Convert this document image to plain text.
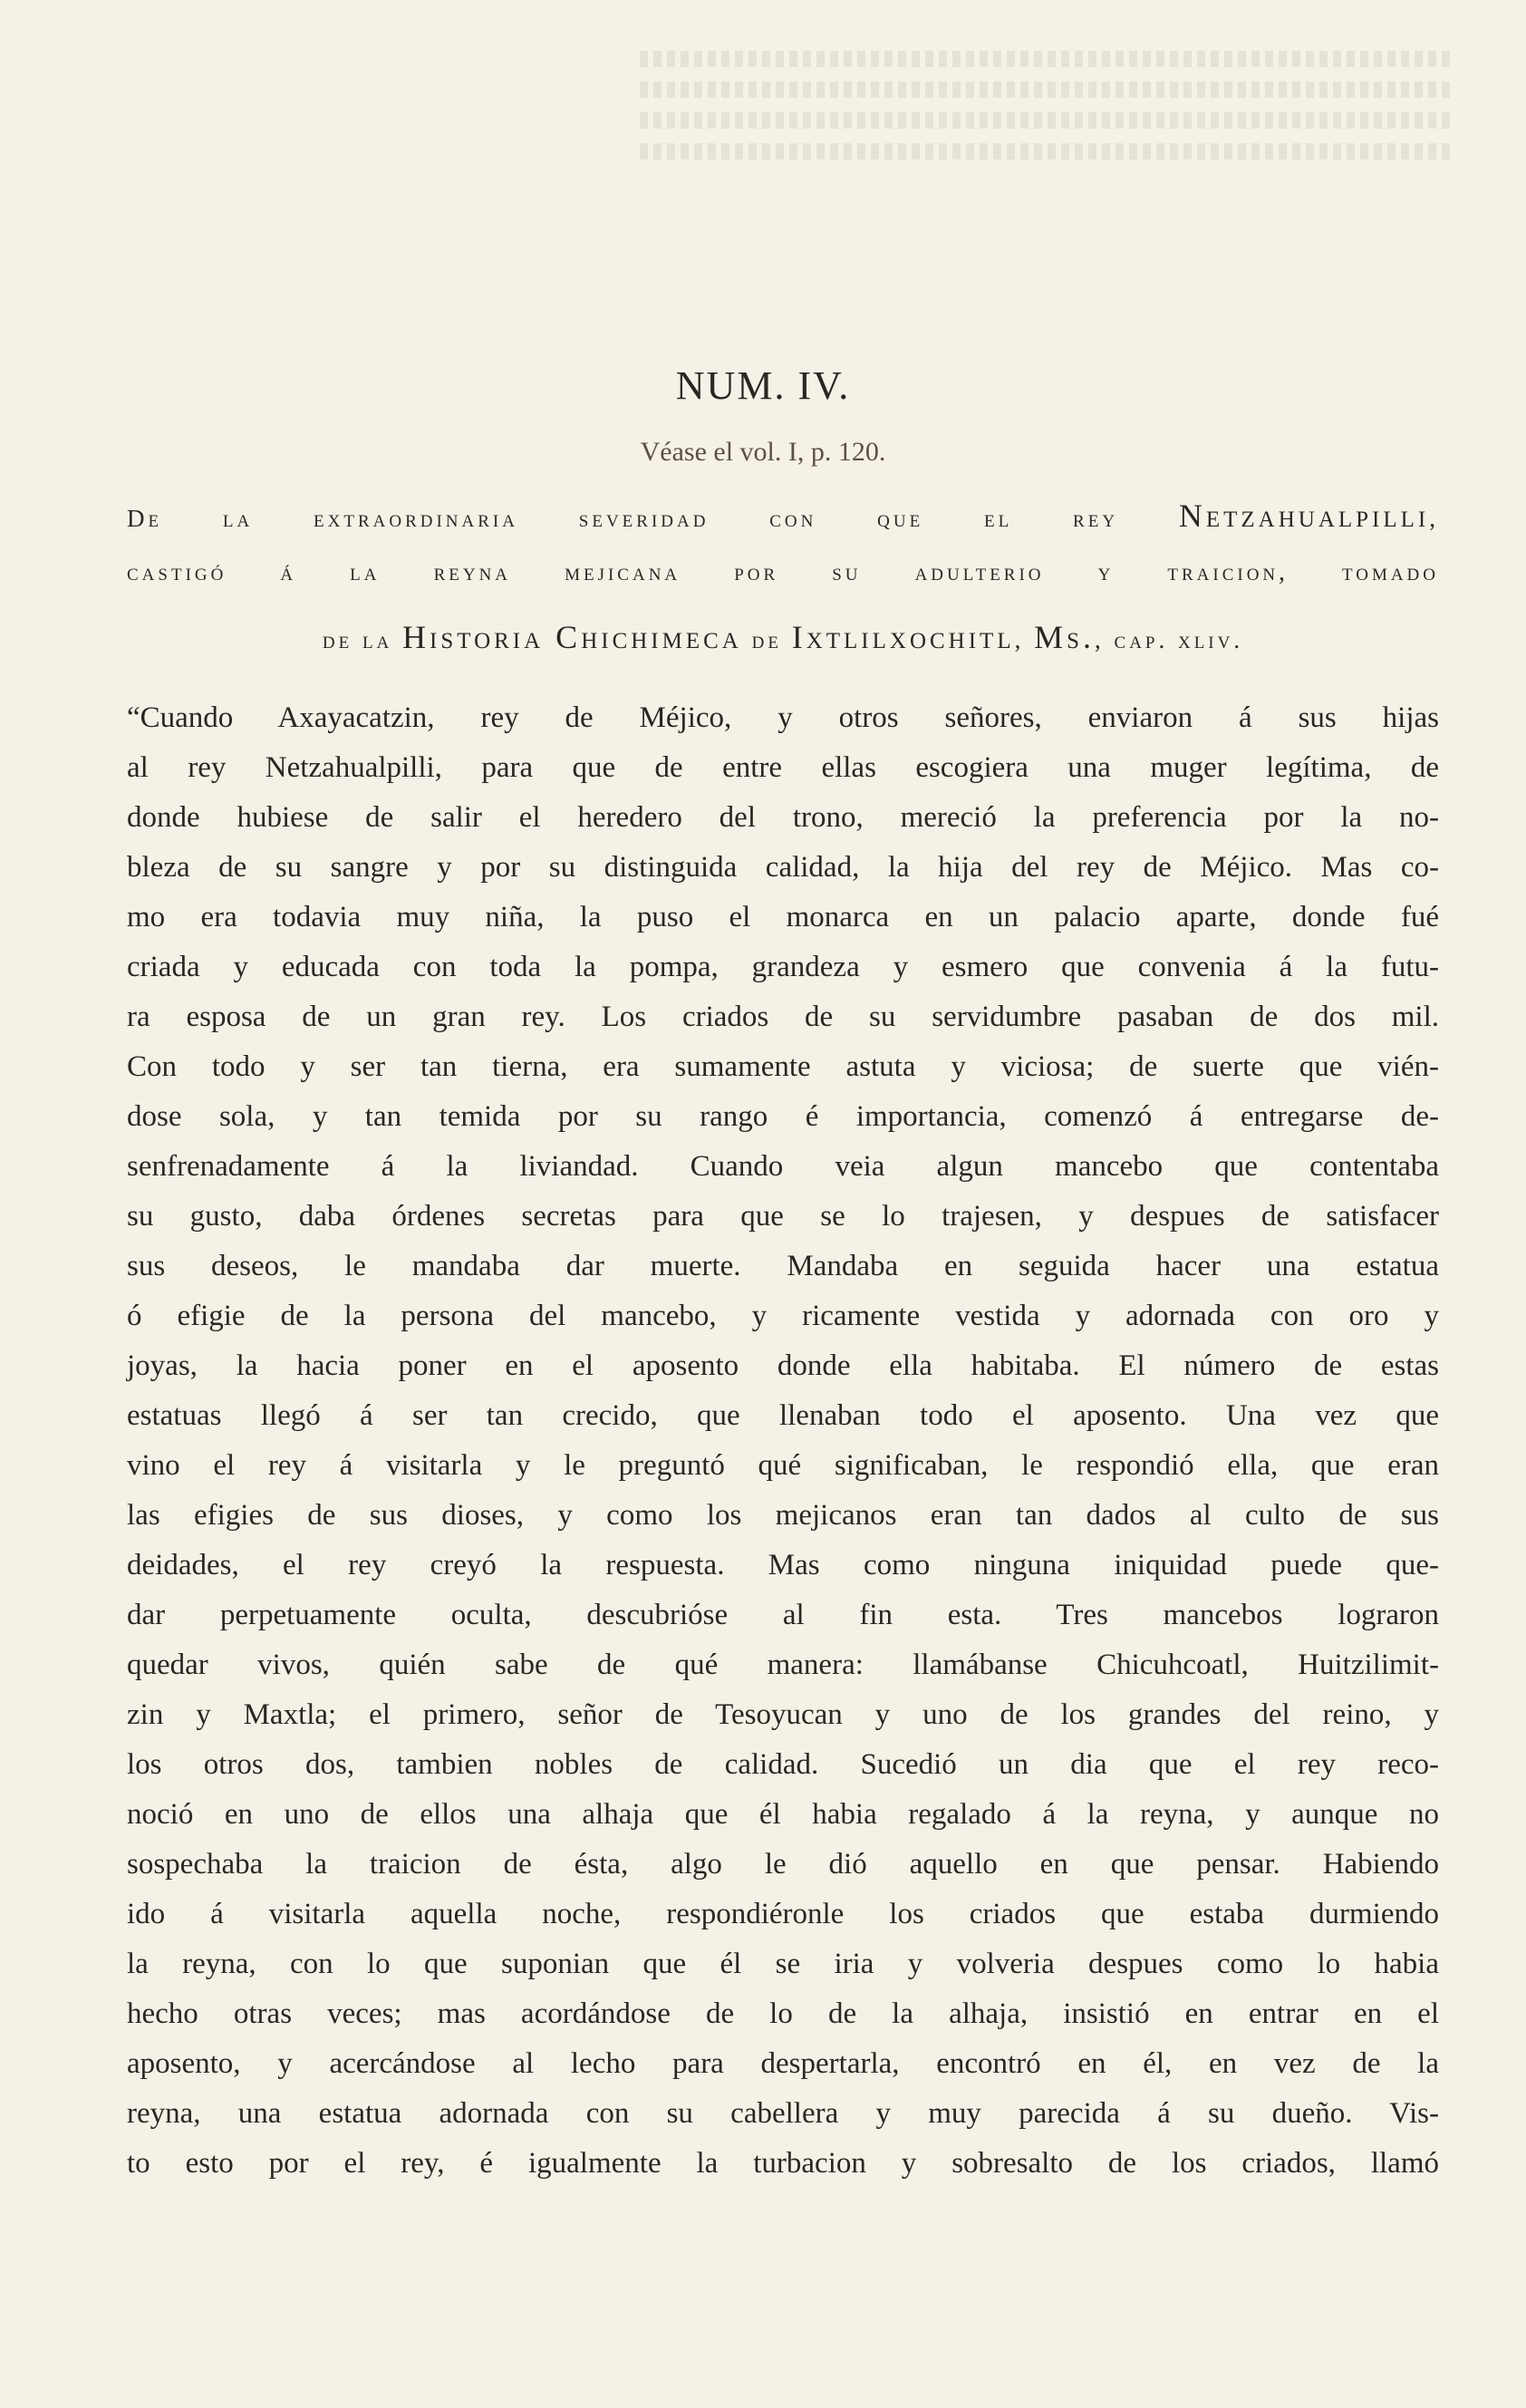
NUM. IV.
Véase el vol. I, p. 120.
De la extraordinaria severidad con que el rey Netzahualpilli,
castigó á la reyna mejicana por su adulterio y traicion, tomado
de la Historia Chichimeca de Ixtlilxochitl, Ms., cap. xliv.
“Cuando Axayacatzin, rey de Méjico, y otros señores, enviaron á sus hijas
al rey Netzahualpilli, para que de entre ellas escogiera una muger legítima, de
donde hubiese de salir el heredero del trono, mereció la preferencia por la no-
bleza de su sangre y por su distinguida calidad, la hija del rey de Méjico. Mas co-
mo era todavia muy niña, la puso el monarca en un palacio aparte, donde fué
criada y educada con toda la pompa, grandeza y esmero que convenia á la futu-
ra esposa de un gran rey. Los criados de su servidumbre pasaban de dos mil.
Con todo y ser tan tierna, era sumamente astuta y viciosa; de suerte que vién-
dose sola, y tan temida por su rango é importancia, comenzó á entregarse de-
senfrenadamente á la liviandad. Cuando veia algun mancebo que contentaba
su gusto, daba órdenes secretas para que se lo trajesen, y despues de satisfacer
sus deseos, le mandaba dar muerte. Mandaba en seguida hacer una estatua
ó efigie de la persona del mancebo, y ricamente vestida y adornada con oro y
joyas, la hacia poner en el aposento donde ella habitaba. El número de estas
estatuas llegó á ser tan crecido, que llenaban todo el aposento. Una vez que
vino el rey á visitarla y le preguntó qué significaban, le respondió ella, que eran
las efigies de sus dioses, y como los mejicanos eran tan dados al culto de sus
deidades, el rey creyó la respuesta. Mas como ninguna iniquidad puede que-
dar perpetuamente oculta, descubrióse al fin esta. Tres mancebos lograron
quedar vivos, quién sabe de qué manera: llamábanse Chicuhcoatl, Huitzilimit-
zin y Maxtla; el primero, señor de Tesoyucan y uno de los grandes del reino, y
los otros dos, tambien nobles de calidad. Sucedió un dia que el rey reco-
noció en uno de ellos una alhaja que él habia regalado á la reyna, y aunque no
sospechaba la traicion de ésta, algo le dió aquello en que pensar. Habiendo
ido á visitarla aquella noche, respondiéronle los criados que estaba durmiendo
la reyna, con lo que suponian que él se iria y volveria despues como lo habia
hecho otras veces; mas acordándose de lo de la alhaja, insistió en entrar en el
aposento, y acercándose al lecho para despertarla, encontró en él, en vez de la
reyna, una estatua adornada con su cabellera y muy parecida á su dueño. Vis-
to esto por el rey, é igualmente la turbacion y sobresalto de los criados, llamó
